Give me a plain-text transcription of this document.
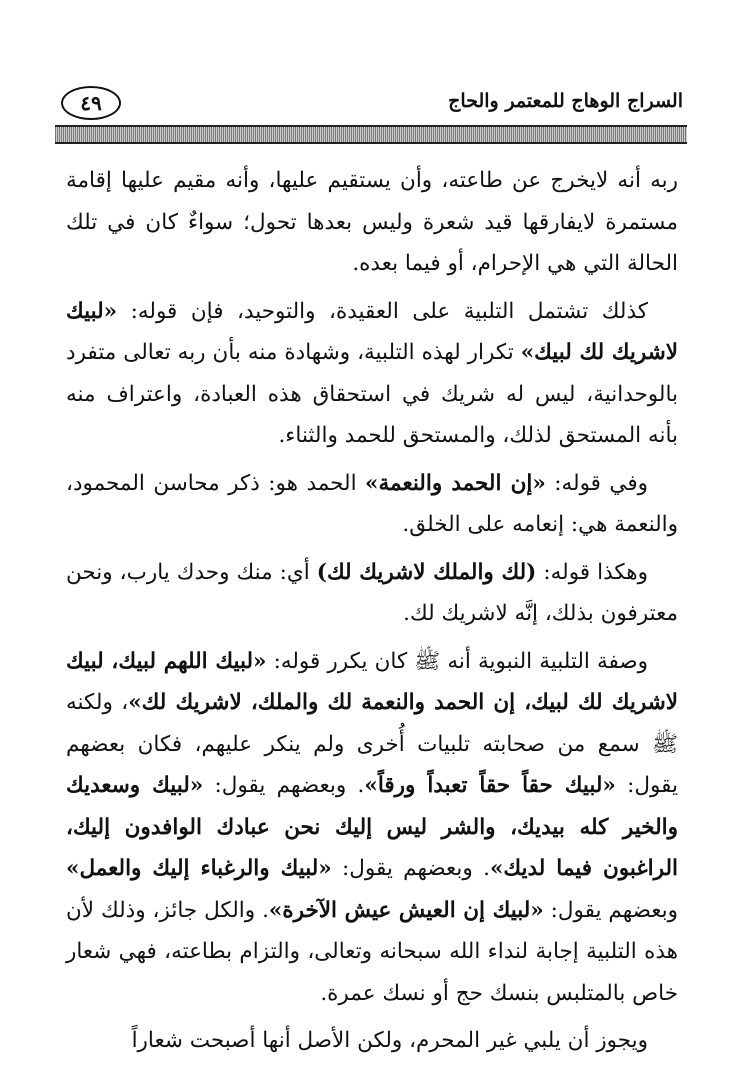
٤٩	السراج الوهاج للمعتمر والحاج

ربه أنه لايخرج عن طاعته، وأن يستقيم عليها، وأنه مقيم عليها إقامة مستمرة لايفارقها قيد شعرة وليس بعدها تحول؛ سواءٌ كان في تلك الحالة التي هي الإحرام، أو فيما بعده.

كذلك تشتمل التلبية على العقيدة، والتوحيد، فإن قوله: «لبيك لاشريك لك لبيك» تكرار لهذه التلبية، وشهادة منه بأن ربه تعالى متفرد بالوحدانية، ليس له شريك في استحقاق هذه العبادة، واعتراف منه بأنه المستحق لذلك، والمستحق للحمد والثناء.

وفي قوله: «إن الحمد والنعمة» الحمد هو: ذكر محاسن المحمود، والنعمة هي: إنعامه على الخلق.

وهكذا قوله: (لك والملك لاشريك لك) أي: منك وحدك يارب، ونحن معترفون بذلك، إنَّه لاشريك لك.

وصفة التلبية النبوية أنه ﷺ كان يكرر قوله: «لبيك اللهم لبيك، لبيك لاشريك لك لبيك، إن الحمد والنعمة لك والملك، لاشريك لك»، ولكنه ﷺ سمع من صحابته تلبيات أُخرى ولم ينكر عليهم، فكان بعضهم يقول: «لبيك حقاً حقاً تعبداً ورقاً». وبعضهم يقول: «لبيك وسعديك والخير كله بيديك، والشر ليس إليك نحن عبادك الوافدون إليك، الراغبون فيما لديك». وبعضهم يقول: «لبيك والرغباء إليك والعمل» وبعضهم يقول: «لبيك إن العيش عيش الآخرة». والكل جائز، وذلك لأن هذه التلبية إجابة لنداء الله سبحانه وتعالى، والتزام بطاعته، فهي شعار خاص بالمتلبس بنسك حج أو نسك عمرة.

ويجوز أن يلبي غير المحرم، ولكن الأصل أنها أصبحت شعاراً
